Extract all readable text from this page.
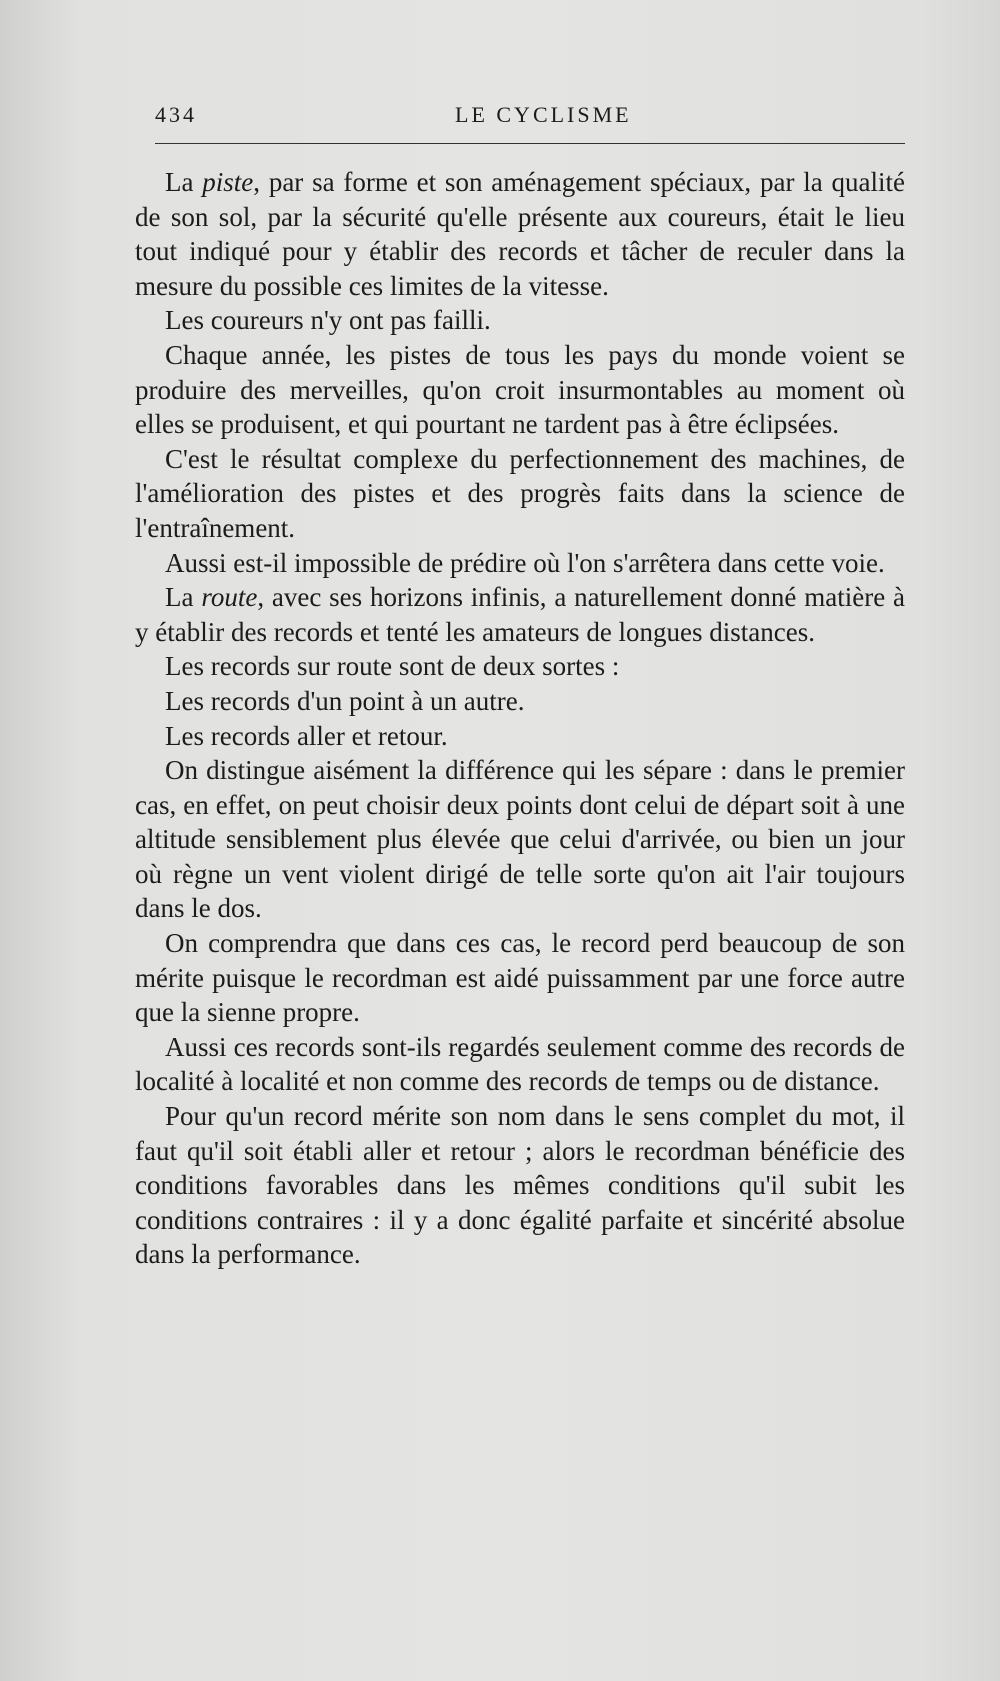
434	LE CYCLISME

La piste, par sa forme et son aménagement spéciaux, par la qualité de son sol, par la sécurité qu'elle présente aux coureurs, était le lieu tout indiqué pour y établir des records et tâcher de reculer dans la mesure du possible ces limites de la vitesse.

Les coureurs n'y ont pas failli.

Chaque année, les pistes de tous les pays du monde voient se produire des merveilles, qu'on croit insurmontables au moment où elles se produisent, et qui pourtant ne tardent pas à être éclipsées.

C'est le résultat complexe du perfectionnement des machines, de l'amélioration des pistes et des progrès faits dans la science de l'entraînement.

Aussi est-il impossible de prédire où l'on s'arrêtera dans cette voie.

La route, avec ses horizons infinis, a naturellement donné matière à y établir des records et tenté les amateurs de longues distances.

Les records sur route sont de deux sortes :

Les records d'un point à un autre.

Les records aller et retour.

On distingue aisément la différence qui les sépare : dans le premier cas, en effet, on peut choisir deux points dont celui de départ soit à une altitude sensiblement plus élevée que celui d'arrivée, ou bien un jour où règne un vent violent dirigé de telle sorte qu'on ait l'air toujours dans le dos.

On comprendra que dans ces cas, le record perd beaucoup de son mérite puisque le recordman est aidé puissamment par une force autre que la sienne propre.

Aussi ces records sont-ils regardés seulement comme des records de localité à localité et non comme des records de temps ou de distance.

Pour qu'un record mérite son nom dans le sens complet du mot, il faut qu'il soit établi aller et retour ; alors le recordman bénéficie des conditions favorables dans les mêmes conditions qu'il subit les conditions contraires : il y a donc égalité parfaite et sincérité absolue dans la performance.
